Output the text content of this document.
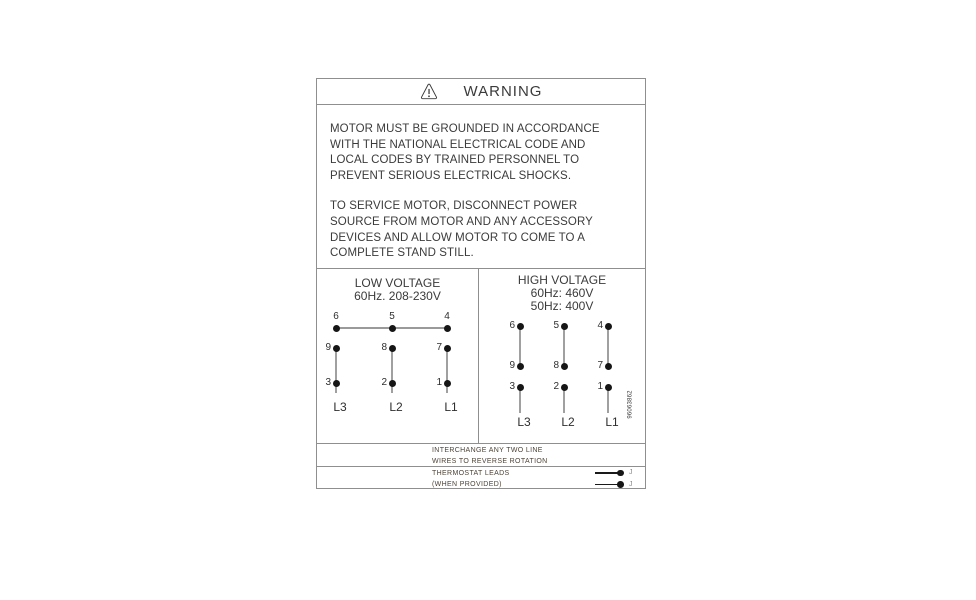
WARNING
MOTOR MUST BE GROUNDED IN ACCORDANCE
WITH THE NATIONAL ELECTRICAL CODE AND
LOCAL CODES BY TRAINED PERSONNEL TO
PREVENT SERIOUS ELECTRICAL SHOCKS.
TO SERVICE MOTOR, DISCONNECT POWER
SOURCE FROM MOTOR AND ANY ACCESSORY
DEVICES AND ALLOW MOTOR TO COME TO A
COMPLETE STAND STILL.
LOW VOLTAGE
60Hz. 208-230V
6
9
3
L3
5
8
2
L2
4
7
1
L1
HIGH VOLTAGE
60Hz: 460V
50Hz: 400V
96063862
6
9
3
L3
5
8
2
L2
4
7
1
L1
INTERCHANGE ANY TWO LINE
WIRES TO REVERSE ROTATION
THERMOSTAT LEADS
(WHEN PROVIDED)
J
J
